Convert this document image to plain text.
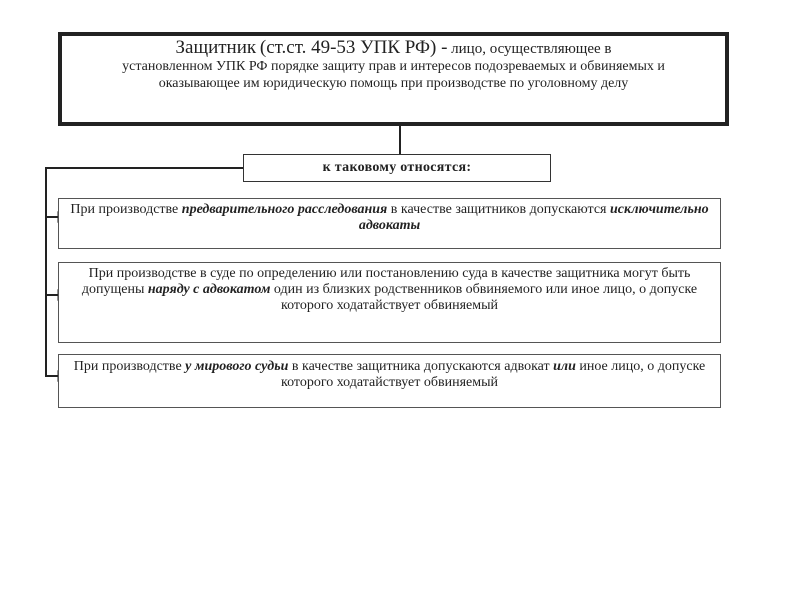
Защитник (ст.ст. 49-53 УПК РФ) - лицо, осуществляющее в
установленном УПК РФ порядке защиту прав и интересов подозреваемых и обвиняемых и оказывающее им юридическую помощь при производстве по уголовному делу
к таковому относятся:
При производстве предварительного расследования в качестве защитников допускаются исключительно адвокаты
При производстве в суде по определению или постановлению суда в качестве защитника могут быть допущены наряду с адвокатом один из близких родственников обвиняемого или иное лицо, о допуске которого ходатайствует обвиняемый
При производстве у мирового судьи в качестве защитника допускаются адвокат или иное лицо, о допуске которого ходатайствует обвиняемый
